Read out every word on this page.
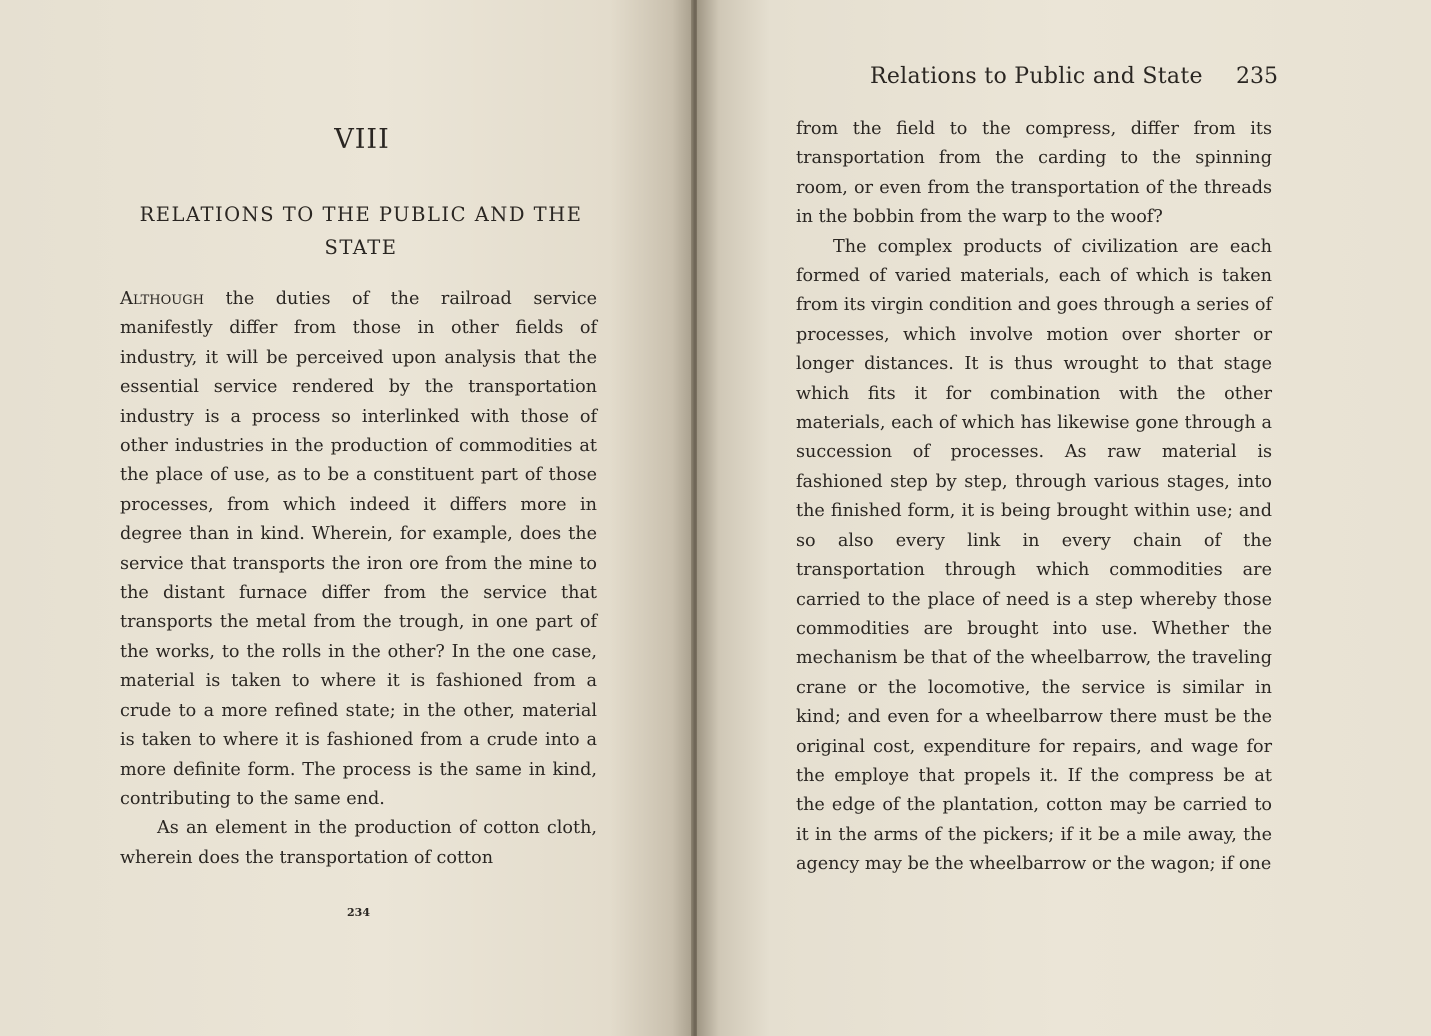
VIII
RELATIONS TO THE PUBLIC AND THE STATE

Although the duties of the railroad service manifestly differ from those in other fields of industry, it will be perceived upon analysis that the essential service rendered by the transportation industry is a process so interlinked with those of other industries in the production of commodities at the place of use, as to be a constituent part of those processes, from which indeed it differs more in degree than in kind. Wherein, for example, does the service that transports the iron ore from the mine to the distant furnace differ from the service that transports the metal from the trough, in one part of the works, to the rolls in the other? In the one case, material is taken to where it is fashioned from a crude to a more refined state; in the other, material is taken to where it is fashioned from a crude into a more definite form. The process is the same in kind, contributing to the same end.

As an element in the production of cotton cloth, wherein does the transportation of cotton

234
Relations to Public and State 235

from the field to the compress, differ from its transportation from the carding to the spinning room, or even from the transportation of the threads in the bobbin from the warp to the woof?

The complex products of civilization are each formed of varied materials, each of which is taken from its virgin condition and goes through a series of processes, which involve motion over shorter or longer distances. It is thus wrought to that stage which fits it for combination with the other materials, each of which has likewise gone through a succession of processes. As raw material is fashioned step by step, through various stages, into the finished form, it is being brought within use; and so also every link in every chain of the transportation through which commodities are carried to the place of need is a step whereby those commodities are brought into use. Whether the mechanism be that of the wheelbarrow, the traveling crane or the locomotive, the service is similar in kind; and even for a wheelbarrow there must be the original cost, expenditure for repairs, and wage for the employe that propels it. If the compress be at the edge of the plantation, cotton may be carried to it in the arms of the pickers; if it be a mile away, the agency may be the wheelbarrow or the wagon; if one
